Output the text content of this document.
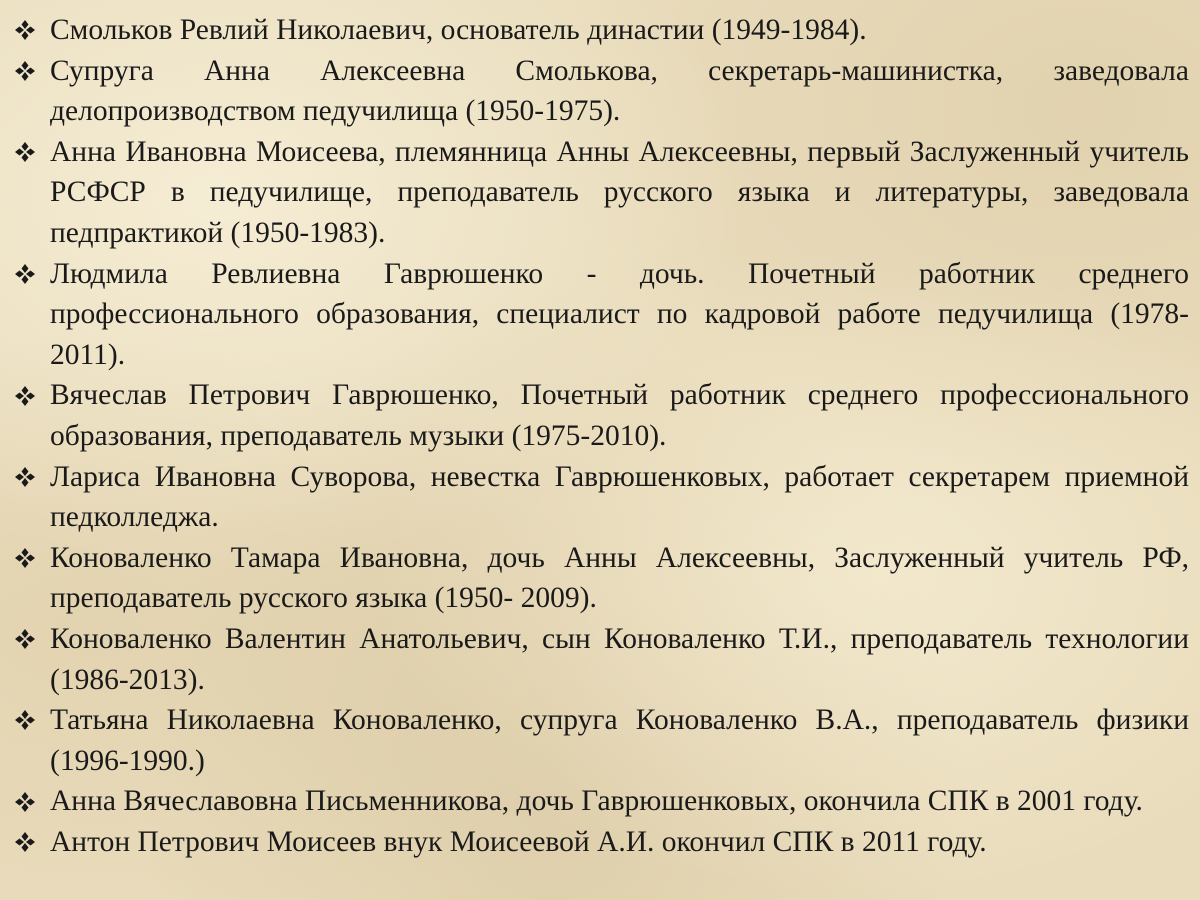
Смольков Ревлий Николаевич, основатель династии (1949-1984).
Супруга Анна Алексеевна Смолькова, секретарь-машинистка, заведовала делопроизводством педучилища (1950-1975).
Анна Ивановна Моисеева, племянница Анны Алексеевны, первый Заслуженный учитель РСФСР в педучилище, преподаватель русского языка и литературы, заведовала педпрактикой (1950-1983).
Людмила Ревлиевна Гаврюшенко - дочь. Почетный работник среднего профессионального образования, специалист по кадровой работе педучилища (1978-2011).
Вячеслав Петрович Гаврюшенко, Почетный работник среднего профессионального образования, преподаватель музыки (1975-2010).
Лариса Ивановна Суворова, невестка Гаврюшенковых, работает секретарем приемной педколледжа.
Коноваленко Тамара Ивановна, дочь Анны Алексеевны, Заслуженный учитель РФ, преподаватель русского языка (1950- 2009).
Коноваленко Валентин Анатольевич, сын Коноваленко Т.И., преподаватель технологии (1986-2013).
Татьяна Николаевна Коноваленко, супруга Коноваленко В.А., преподаватель физики (1996-1990.)
Анна Вячеславовна Письменникова, дочь Гаврюшенковых, окончила СПК в 2001 году.
Антон Петрович Моисеев внук Моисеевой А.И. окончил СПК в 2011 году.
